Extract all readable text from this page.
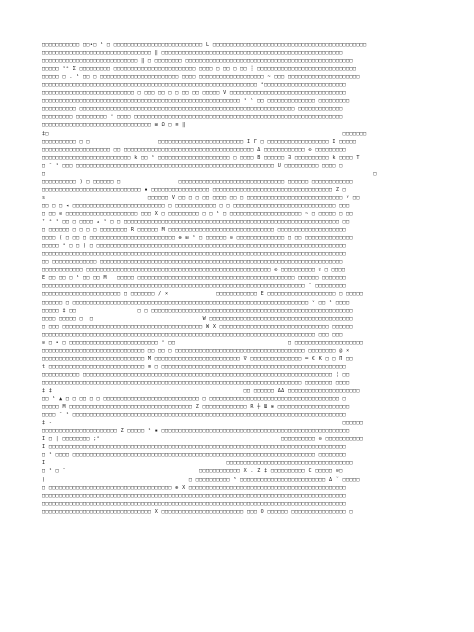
□□□□□□□□□□□ □□•□ ¹ □ □□□□□□□□□□□□□□□□□□□□□□□□□□ L □□□□□□□□□□□□□□□□□□□□□□□□□□□□□□□□□□□□□□□□□□□□□
□□□□□□□□□□□□□□□□□□□□□□□□□□□□□□□□ ‖ □□□□□□□□□□□□□□□□□□□□□□□□□□□□□□□□□□□□□□□□□□□□□□□□□□□□□
□□□□□□□□□□□□□□□□□□□□□□□□□□□□ ‖ □ □□□□□□□□ □□□□□□□□□□□□□□□□□□□□□□□□□□□□□□□□□□□□□□□□□□□□□□□□□
□□□□□ ¹ᵉ Σ □□□□□□□□□ □□□□□□□□□□□□□□□□□□□□□□□□ □□□□ □ □□ □ □□ ┆ □□□□□□□□□□□□□□□□□□□□□□□□□□□□□
□□□□□ □ . ¹ □□ □ □□□□□□□□□□□□□□□□□□□□□□□ □□□□ □□□□□□□□□□□□□□□□□□□ ~ □□□ □□□□□□□□□□□□□□□□□□□□□
□□□□□□□□□□□□□□□□□□□□□□□□□□□□□□□□□□□□□□□□□□□□□□□□□□□□□□□□□□□□□□□ ᵃ□□□□□□□□□□□□□□□□□□□□□□□□
□□□□□□□□□□□□□□□□□□□□□□□□□□□ □ □□□ □□ □ □ □□ □□ □□□□□ V □□□□□□□□□□□□□□□□□□□□□□□□□□□□□□□□□□
□□□□□□□□□□□□□□□□□□□□□□□□□□□□□□□□□□□□□□□□□□□□□□□□□□□□□□□□□□ ¹ ˡ □□ □□□□□□□□□□□□□□ □□□□□□□□□
□□□□□□□□□□ □□□□□□□□□□□□□□□□□□□□□□□□□□□□□□□□□□□□□□□□□□□□□□□□□□□□□□□□□□□□□□□ □□□□□□□□□□□□□
□□□□□□□□□ □□□□□□□□□ ᵛ □□□□ □□□□□□□□□□□□□□□□□□□□□□□□□□□□□□□□□□□□□□□□□□□□□□□□□□□□□□□□□□□□□
□□□□□□□□□□□□□□□□□□□□□□□□□□□□□□□□ ⊞ Ω □ ≡ ‖
‡□                                                                                      □□□□□□□
□□□□□□□□□□ □ □                    □□□□□□□□□□□□□□□□□□□□□□□□□ I Γ □ □□□□□□□□□□□□□□□□□□ I □□□□□
□□□□□□□□□□□□□□□□□□□□ □□ □□□□□□□□□□□□□□□□□□□□□□□□□□□□□□□□□□□□□□ Δ □□□□□□□□□□□□ ⊙ □□□□□□□□□
□□□□□□□□□□□□□□□□□□□□□□□□□□ k □□ ¹ □□□□□□□□□□□□□□□□□□□□□ □ □□□□ B □□□□□□ ∃ □□□□□□□□□□ k □□□□ T
□ ¯ ¹ □□□ □□□□□□□□□□□□□□□□□□□□□□□□□□□□□□□□□□□□□□□□□□□□□□□□□□□□□□□□□□ U □□□□□□□□□□ □□□□ □
□                                                                                                □
□□□□□□□□□□ ) □ □□□□□□ □                 □□□□□□□□□□□□□□□□□□□□□□□□□□□□□□□ □□□□□□ □□□□□□□□□□□□
□□□□□□□□□□□□□□□□□□□□□□□□□□□□□ ▪ □□□□□□□□□□□□□□□□□ □□□□□□□□□□□□□□□□□□□□□□□□□□□□□□□□□□□ Z □
s                              □□□□□□ V □□ □ □ □□ □□□□ □□ □ □□□□□□□□□□□□□□□□□□□□□□□□□□□□ ʸ □□
□□ □ □ ◂ □□□□□□□□□□□□□□□□□□□□□□□□□□□ □ □□□□□□□□□□□□ □ □ □□□□□□□□□□□□□□□□□□□□□□□□□□□□□□ □□□
□ □□ ⊙ □□□□□□□□□□□□□□□□□□□□□ □□□ X □ □□□□□□□□□ □ □ ¹ □ □□□□□□□□□□□□□□□□□□□□□ ~ □ □□□□□ □ □□
ᵀ ᵃ ¹ □□ □ □□□□ ▴ ¹ □ □ □□□□□□□□□□□□□□□□□□□□□□□□□□□□□□□□□□□□□□□□□□□□□□□□□□□□□□□□□□□□□□□ □□
□ □□□□□□ □ □ □ □ □□□□□□□□ R □□□□□□ M □□□□□□□□□□□□□□□□□□□□□□□□□□□□□□□ □□□□□□□□□□□□□□□□□□□□
□□□□ ( □ □□ □ □□□□□□□□□□□□□□□□□□□□□□□□□ ⊗ ⊞ ¹ □ □□□□□□ ⊙ □□□□□□□□□□□□□□ □ □□ □□□□□□□□□□□□□□
□□□□□ ᵃ □ □ ) □ □□□□□□□□□□□□□□□□□□□□□□□□□□□□□□□□□□□□□□□□□□□□□□□□□□□□□□□□□□□□□□□□□□□□□□□□□
□□□□□□□□□□□□□□□□□□□□□□□□□□□□□□□□□□□□□□□□□□□□□□□□□□□□□□□□□□□□□□□□□□□□□□□□□□□□□□□□□□□□□□□□□
□□ □□□□□□□□□□□□□ □□□□□□□□□□□□□□□□□□□□□□□□□□□□□□□□□□□□□□□□□□□□□□□□□□□□□□□□□□□□□□□□□□□□□□□
□□□□□□□□□□□□ □□□□□□□□□□□□□□□□□□□□□□□□□□□□□□□□□□□□□□□□□□□□□□□□□□□□□□ ⊙ □□□□□□□□□□ ᴛ □ □□□□
E □□ □□ □ ¹ □□ □□ M   □□□□□ □□□□□□□□□□□□□□□□□□□□□□□□□□□□□□□□□□□□□□□□□□□□□□ □□□□□□ □□□□□□□
□□□□□□□□□□□□□□□□□□□□□□□□□□□□□□□□□□□□□□□□□□□□□□□□□□□□□□□□□□□□□□□□□□□□□□□□□□□□□ ¯ □□□□□□□□□
□□□□□□□□□□□□□□□□□□□□□□□ □ □□□□□□□ / ×              □□□□□□□□□□□□ E □□□□□□□□□□□□□□□□□□□□ □ □□□□□
□□□□□□ □ □□□□□□□□□□□□□□□□□□□□□□□□□□□□□□□□□□□□□□□□□□□□□□□□□□□□□□□□□□□□□□□□□□□□□ ᵛ □□ ¹ □□□□
□□□□□ ‡ □□                  □ □ □□□□□□□□□□□□□□□□□□□□□□□□□□□□□□□□□□□□□□□□□□□□□□□□□□□□□□□□□□□
□□□□ □□□□□ □  □                                W □□□□□□□□□□□□□□□□□□□□□□□□□□□□□□□□□□□□□□□□□□
□ □□□ □□□□□□□□□□□□□□□□□□□□□□□□□□□□□□□□□□□□□□□□□ W X □□□□□□□□□□□□□□□□□□□□□□□□□□□□□□□□ □□□□□□
□□□□□□□□□□□□□□□□□□□□□□□□□□□□□□□□□□□□□□□□□□□□□□□□□□□□□□□□□□□□□□□□□□□□□□□□□□□□□□□□ □□□ □□□
⊙ □ • □ □□□□□□□□□□□□□□□□□□□□□□□□□□ ⁿ □□                                 □ □□□□□□□□□□□□□□□□□□□□
□□□□□□□□□□□□□□□□□□□□□□□□□□□□□□ □□ □□ □ □□□□□□□□□□□□□□□□□□□□□□□□□□□□□□□□□□□□□□ □□□□□□□□ @ ×
□□□□□□□□□□□□□□□□□□□□□□□□□□□□□□ M □□□□□□□□□□□□□□□□□□□□□□□□□ ∇ □□□□□□□□□□□□□□□ ═ € K □ □ Π □□
t □□□□□□□□□□□□□□□□□□□□□□□□□□□□ ≡ □ □□□□□□□□□□□□□□□□□□□□□□□□□□□□□□□□□□□□□□□□□□□□□□□□□□□□□□
□□□□□□□□□□□ □□□□□□□□□□□□□□□□□□□□□□□□□□□□□□□□□□□□□□□□□□□□□□□□□□□□□□□□□□□□□□□□□□□□□□□□□ ╎ □□
□□□□□□□□□□□□□□□□□□□□□□□□□□□□□□□□□□□□□□□□□□□□□□□□□□□□□□□□□□□□□□□□□□□□□□□□□□□□ □□□□□□□□ □□□□
‡ ‡                                                        □□ □□□□□□ ΔΔ □□□□□□□□□□□□□□□□□□□□□
□□ ¹ ▲ □ □ □□ □ □ □□□□□□□□□□□□□□□□□□□□□□□□□□□□ □ □□□□□□□□□□□□□□□□□□□□□□□□□□□□□□□□□□□□□□ □
□□□□□ M □□□□□□□□□□□□□□□□□□□□□□□□□□□□□□□□□□□□ Z □□□□□□□□□□□□□ R ┼ Ш ⊗ □□□□□□□□□□□□□□□□□□□□□
□□□□ ¯ ¹ □□□□□□□□□□□□□□□□□□□□□□□□□□□□□□□□□□□□□□□□□□□□□□□□□□□□□□□□□□□□□□□□□□□□□□□□□□□□□□□□
‡ ‑                                                                                     □□□□□□
□□□□□□□□□□□□□□□□□□□□□□ Z □□□□□ ¹ ▪ □□□□□□□□□□□□□□□□□□□□□□□□□□□□□□□□□□□□□□□□□□□□□□□□□□□□□□□
I □ | □□□□□□□□ ;ᴬ                                                     □□□□□□□□□□ ⊙ □□□□□□□□□□□
I □□□□□□□□□□□□□□□□□□□□□□□□□□□□□□□□□□□□□□□□□□□□□□□□□□□□□□□□□□□□□□□□□□□□□□□□□□□□□□□□□□□□□□□
□ ¹ □□□□ □□□□□□□□□□□□□□□□□□□□□□□□□□□□□□□□□□□□□□□□□□□□□□□□□□□□□□□□□□□□□□□□□□□□□□□ □□□□□□□□
I                                                     □□□□□□□□□□□□□□□□□□□□□□□□□□□□□□□□□□□□□
□ ¹ □ ¯                                       □□□□□□□□□□□□ X . Z ‡ □□□□□□□□□□ C □□□□□ ⊙□
)                                          □ □□□□□□□□□□ ⁵ □□□□□□□□□□□□□□□□□□□□□□□□□ Δ ˘ □□□□□
□ □□□□□□□□□□□□□□□□□□□□□□□□□□□□□□□□□□□□ ⊕ X □□□□□□□□□□□□□□□□□□□□□□□□□□□□□□□□□□□□□□□□□□□□□□
□□□□□□□□□□□□□□□□□□□□□□□□□□□□□□□□□□□□□□□□□□□□□□□□□□□□□□□□□□□□□□□□□□□□□□□□□□□□□□□□□□□□□□□□□
□□□□□□□□□□□□□□□□□□□□□□□□□□□□□□□□□□□□□□□□□□□□□□□□□□□□□□□□□□□□□□□□□□□□□□□□□□□□□□□□□□□□□□□□□
□□□□□□□□□□□□□□□□□□□□□□□□□□□□□□□□ X □□□□□□□□□□□□□□□□□□□□□□□□ □□□ O □□□□□□ □□□□□□□□□□□□□□□□ □
